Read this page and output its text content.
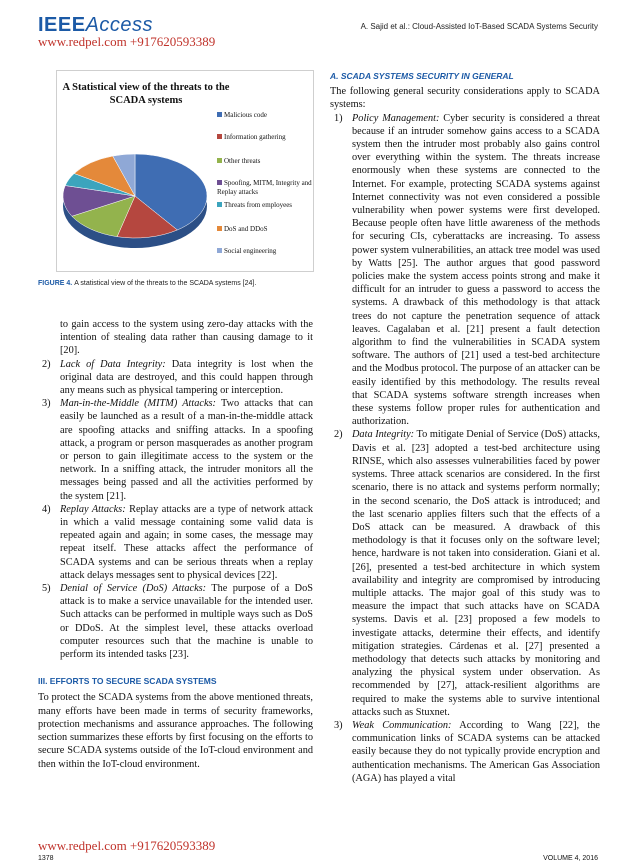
IEEEAccess	A. Sajid et al.: Cloud-Assisted IoT-Based SCADA Systems Security
www.redpel.com +917620593389
A Statistical view of the threats to the SCADA systems
Malicious code
Information gathering
Other threats
Spoofing, MITM, Integrity and Replay attacks
Threats from employees
DoS and DDoS
Social engineering
FIGURE 4. A statistical view of the threats to the SCADA systems [24].

to gain access to the system using zero-day attacks with the intention of stealing data rather than causing damage to it [20].

2) Lack of Data Integrity: Data integrity is lost when the original data are destroyed, and this could happen through any means such as physical tampering or interception.

3) Man-in-the-Middle (MITM) Attacks: Two attacks that can easily be launched as a result of a man-in-the-middle attack are spoofing attacks and sniffing attacks. In a spoofing attack, a program or person masquerades as another program or person to gain illegitimate access to the system or the network. In a sniffing attack, the intruder monitors all the messages being passed and all the activities performed by the system [21].

4) Replay Attacks: Replay attacks are a type of network attack in which a valid message containing some valid data is repeated again and again; in some cases, the message may repeat itself. These attacks affect the performance of SCADA systems and can be serious threats when a replay attack delays messages sent to physical devices [22].

5) Denial of Service (DoS) Attacks: The purpose of a DoS attack is to make a service unavailable for the intended user. Such attacks can be performed in multiple ways such as DoS or DDoS. At the simplest level, these attacks overload computer resources such that the machine is unable to perform its intended tasks [23].

III. EFFORTS TO SECURE SCADA SYSTEMS

To protect the SCADA systems from the above mentioned threats, many efforts have been made in terms of security frameworks, protection mechanisms and assurance approaches. The following section summarizes these efforts by first focusing on the efforts to secure SCADA systems outside of the IoT-cloud environment and then within the IoT-cloud environment.

A. SCADA SYSTEMS SECURITY IN GENERAL

The following general security considerations apply to SCADA systems:

1) Policy Management: Cyber security is considered a threat because if an intruder somehow gains access to a SCADA system then the intruder most probably also gains control over everything within the system. The threats increase enormously when these systems are connected to the Internet. For example, protecting SCADA systems against Internet connectivity was not even considered a possible vulnerability when power systems were first developed. Because people often have little awareness of the methods for securing CIs, cyberattacks are increasing. To assess power system vulnerabilities, an attack tree model was used by Watts [25]. The author argues that good password policies make the system access points strong and make it difficult for an intruder to guess a password to access the systems. A drawback of this methodology is that attack trees do not capture the penetration sequence of attack leaves. Cagalaban et al. [21] present a fault detection algorithm to find the vulnerabilities in SCADA system software. The authors of [21] used a test-bed architecture and the Modbus protocol. The purpose of an attacker can be easily identified by this methodology. The results reveal that SCADA systems software strength increases when these systems follow proper rules for authentication and authorization.

2) Data Integrity: To mitigate Denial of Service (DoS) attacks, Davis et al. [23] adopted a test-bed architecture using RINSE, which also assesses vulnerabilities faced by power systems. Three attack scenarios are considered. In the first scenario, there is no attack and systems perform normally; in the second scenario, the DoS attack is introduced; and the last scenario applies filters such that the effects of a DoS attack can be measured. A drawback of this methodology is that it focuses only on the software level; hence, hardware is not taken into consideration. Giani et al. [26], presented a test-bed architecture in which system availability and integrity are compromised by introducing multiple attacks. The major goal of this study was to measure the impact that such attacks have on SCADA systems. Davis et al. [23] proposed a few models to investigate attacks, determine their effects, and identify mitigation strategies. Cárdenas et al. [27] presented a methodology that detects such attacks by monitoring and analyzing the physical system under observation. As recommended by [27], attack-resilient algorithms are required to make the systems able to survive intentional attacks such as Stuxnet.

3) Weak Communication: According to Wang [22], the communication links of SCADA systems can be attacked easily because they do not typically provide encryption and authentication mechanisms. The American Gas Association (AGA) has played a vital

www.redpel.com +917620593389
1378	VOLUME 4, 2016
